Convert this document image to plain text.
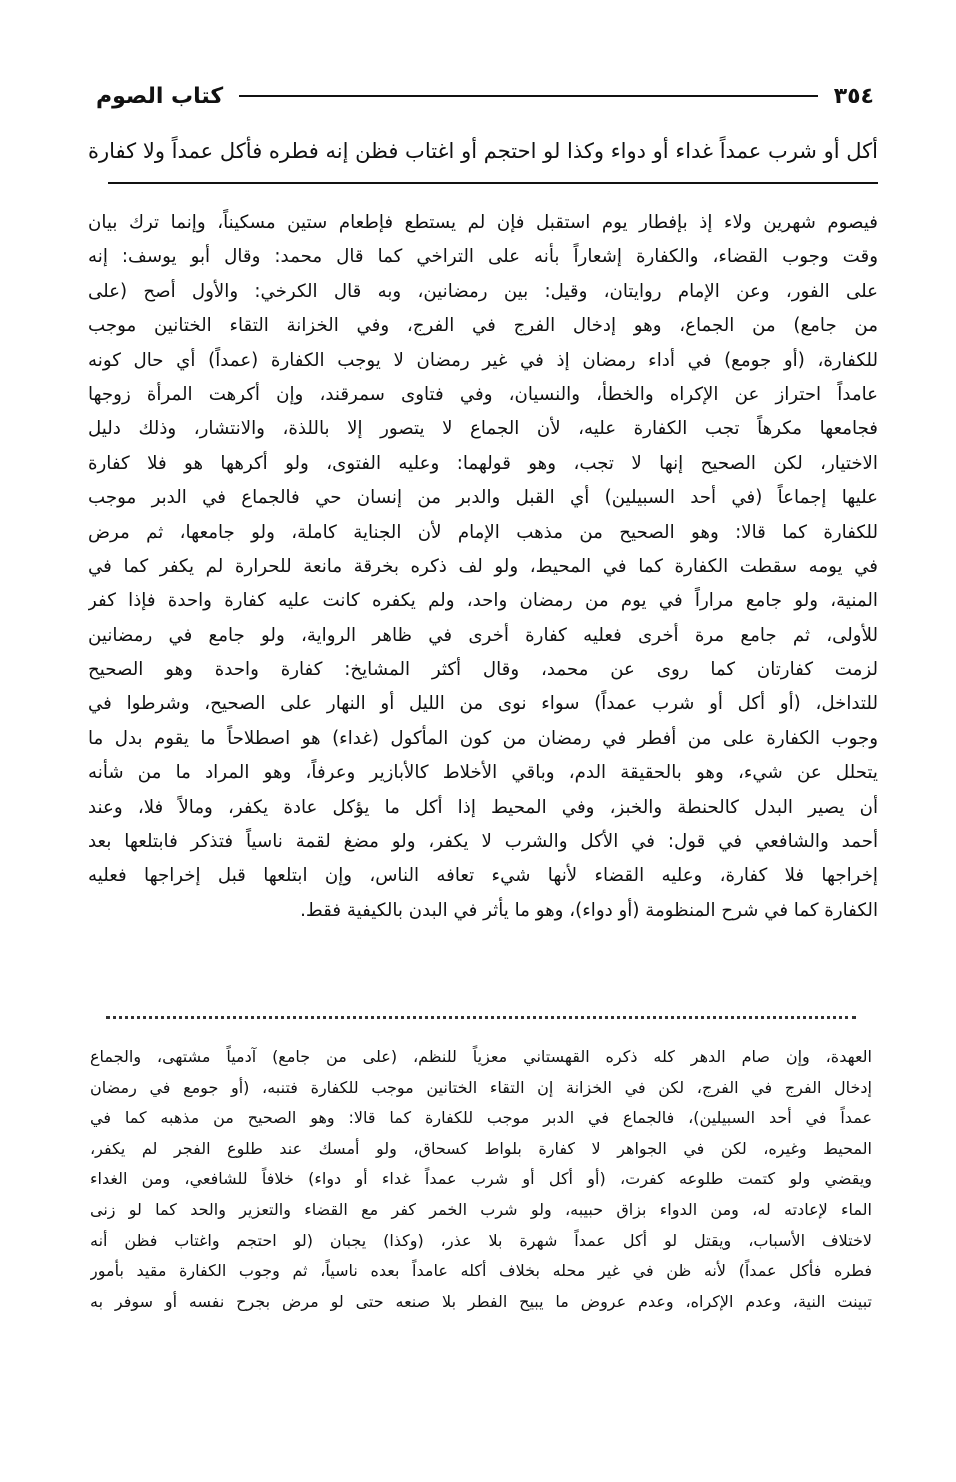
٣٥٤
كتاب الصوم
أكل أو شرب عمداً غداء أو دواء وكذا لو احتجم أو اغتاب فظن إنه فطره فأكل عمداً ولا كفارة
فيصوم شهرين ولاء إذ بإفطار يوم استقبل فإن لم يستطع فإطعام ستين مسكيناً، وإنما ترك بيان
وقت وجوب القضاء، والكفارة إشعاراً بأنه على التراخي كما قال محمد: وقال أبو يوسف: إنه
على الفور، وعن الإمام روايتان، وقيل: بين رمضانين، وبه قال الكرخي: والأول أصح (على
من جامع) من الجماع، وهو إدخال الفرج في الفرج، وفي الخزانة التقاء الختانين موجب
للكفارة، (أو جومع) في أداء رمضان إذ في غير رمضان لا يوجب الكفارة (عمداً) أي حال كونه
عامداً احتراز عن الإكراه والخطأ، والنسيان، وفي فتاوى سمرقند، وإن أكرهت المرأة زوجها
فجامعها مكرهاً تجب الكفارة عليه، لأن الجماع لا يتصور إلا باللذة، والانتشار، وذلك دليل
الاختيار، لكن الصحيح إنها لا تجب، وهو قولهما: وعليه الفتوى، ولو أكرهها هو فلا كفارة
عليها إجماعاً (في أحد السبيلين) أي القبل والدبر من إنسان حي فالجماع في الدبر موجب
للكفارة كما قالا: وهو الصحيح من مذهب الإمام لأن الجناية كاملة، ولو جامعها، ثم مرض
في يومه سقطت الكفارة كما في المحيط، ولو لف ذكره بخرقة مانعة للحرارة لم يكفر كما في
المنية، ولو جامع مراراً في يوم من رمضان واحد، ولم يكفره كانت عليه كفارة واحدة فإذا كفر
للأولى، ثم جامع مرة أخرى فعليه كفارة أخرى في ظاهر الرواية، ولو جامع في رمضانين
لزمت كفارتان كما روى عن محمد، وقال أكثر المشايخ: كفارة واحدة وهو الصحيح
للتداخل، (أو أكل أو شرب عمداً) سواء نوى من الليل أو النهار على الصحيح، وشرطوا في
وجوب الكفارة على من أفطر في رمضان من كون المأكول (غداء) هو اصطلاحاً ما يقوم بدل ما
يتحلل عن شيء، وهو بالحقيقة الدم، وباقي الأخلاط كالأبازير وعرفاً، وهو المراد ما من شأنه
أن يصير البدل كالحنطة والخبز، وفي المحيط إذا أكل ما يؤكل عادة يكفر، ومالاً فلا، وعند
أحمد والشافعي في قول: في الأكل والشرب لا يكفر، ولو مضغ لقمة ناسياً فتذكر فابتلعها بعد
إخراجها فلا كفارة، وعليه القضاء لأنها شيء تعافه الناس، وإن ابتلعها قبل إخراجها فعليه
الكفارة كما في شرح المنظومة (أو دواء)، وهو ما يأثر في البدن بالكيفية فقط.
العهدة، وإن صام الدهر كله ذكره القهستاني معزياً للنظم، (على من جامع) آدمياً مشتهى، والجماع
إدخال الفرج في الفرج، لكن في الخزانة إن التقاء الختانين موجب للكفارة فتنبه، (أو جومع في رمضان
عمداً في أحد السبيلين)، فالجماع في الدبر موجب للكفارة كما قالا: وهو الصحيح من مذهبه كما في
المحيط وغيره، لكن في الجواهر لا كفارة بلواط كسحاق، ولو أمسك عند طلوع الفجر لم يكفر،
ويقضي ولو كتمت طلوعه كفرت، (أو أكل أو شرب عمداً غداء أو دواء) خلافاً للشافعي، ومن الغداء
الماء لإعادته له، ومن الدواء بزاق حبيبه، ولو شرب الخمر كفر مع القضاء والتعزير والحد كما لو زنى
لاختلاف الأسباب، ويقتل لو أكل عمداً شهرة بلا عذر، (وكذا) يجبان (لو احتجم واغتاب فظن أنه
فطره فأكل عمداً) لأنه ظن في غير محله بخلاف أكله عامداً بعده ناسياً، ثم وجوب الكفارة مقيد بأمور
تبينت النية، وعدم الإكراه، وعدم عروض ما يبيح الفطر بلا صنعه حتى لو مرض بجرح نفسه أو سوفر به
